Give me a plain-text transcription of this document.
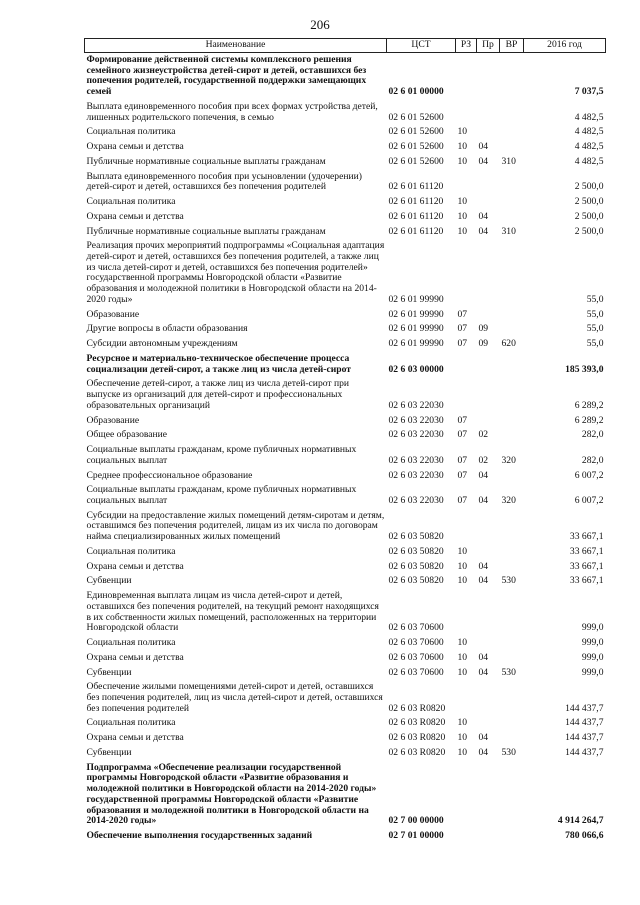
206
Наименование	ЦСТ	РЗ	Пр	ВР	2016 год
Формирование действенной системы комплексного решения семейного жизнеустройства детей-сирот и детей, оставшихся без попечения родителей, государственной поддержки замещающих семей	02 6 01 00000				7 037,5
Выплата единовременного пособия при всех формах устройства детей, лишенных родительского попечения, в семью	02 6 01 52600				4 482,5
Социальная политика	02 6 01 52600	10			4 482,5
Охрана семьи и детства	02 6 01 52600	10	04		4 482,5
Публичные нормативные социальные выплаты гражданам	02 6 01 52600	10	04	310	4 482,5
Выплата единовременного пособия при усыновлении (удочерении) детей-сирот и детей, оставшихся без попечения родителей	02 6 01 61120				2 500,0
Социальная политика	02 6 01 61120	10			2 500,0
Охрана семьи и детства	02 6 01 61120	10	04		2 500,0
Публичные нормативные социальные выплаты гражданам	02 6 01 61120	10	04	310	2 500,0
Реализация прочих мероприятий подпрограммы «Социальная адаптация детей-сирот и детей, оставшихся без попечения родителей, а также лиц из числа детей-сирот и детей, оставшихся без попечения родителей» государственной программы Новгородской области «Развитие образования и молодежной политики в Новгородской области на 2014-2020 годы»	02 6 01 99990				55,0
Образование	02 6 01 99990	07			55,0
Другие вопросы в области образования	02 6 01 99990	07	09		55,0
Субсидии автономным учреждениям	02 6 01 99990	07	09	620	55,0
Ресурсное и материально-техническое обеспечение процесса социализации детей-сирот, а также лиц из числа детей-сирот	02 6 03 00000				185 393,0
Обеспечение детей-сирот, а также лиц из числа детей-сирот при выпуске из организаций для детей-сирот и профессиональных образовательных организаций	02 6 03 22030				6 289,2
Образование	02 6 03 22030	07			6 289,2
Общее образование	02 6 03 22030	07	02		282,0
Социальные выплаты гражданам, кроме публичных нормативных социальных выплат	02 6 03 22030	07	02	320	282,0
Среднее профессиональное образование	02 6 03 22030	07	04		6 007,2
Социальные выплаты гражданам, кроме публичных нормативных социальных выплат	02 6 03 22030	07	04	320	6 007,2
Субсидии на предоставление жилых помещений детям-сиротам и детям, оставшимся без попечения родителей, лицам из их числа по договорам найма специализированных жилых помещений	02 6 03 50820				33 667,1
Социальная политика	02 6 03 50820	10			33 667,1
Охрана семьи и детства	02 6 03 50820	10	04		33 667,1
Субвенции	02 6 03 50820	10	04	530	33 667,1
Единовременная выплата лицам из числа детей-сирот и детей, оставшихся без попечения родителей, на текущий ремонт находящихся в их собственности жилых помещений, расположенных на территории Новгородской области	02 6 03 70600				999,0
Социальная политика	02 6 03 70600	10			999,0
Охрана семьи и детства	02 6 03 70600	10	04		999,0
Субвенции	02 6 03 70600	10	04	530	999,0
Обеспечение жилыми помещениями детей-сирот и детей, оставшихся без попечения родителей, лиц из числа детей-сирот и детей, оставшихся без попечения родителей	02 6 03 R0820				144 437,7
Социальная политика	02 6 03 R0820	10			144 437,7
Охрана семьи и детства	02 6 03 R0820	10	04		144 437,7
Субвенции	02 6 03 R0820	10	04	530	144 437,7
Подпрограмма «Обеспечение реализации государственной программы Новгородской области «Развитие образования и молодежной политики в Новгородской области на 2014-2020 годы» государственной программы Новгородской области «Развитие образования и молодежной политики в Новгородской области на 2014-2020 годы»	02 7 00 00000				4 914 264,7
Обеспечение выполнения государственных заданий	02 7 01 00000				780 066,6
